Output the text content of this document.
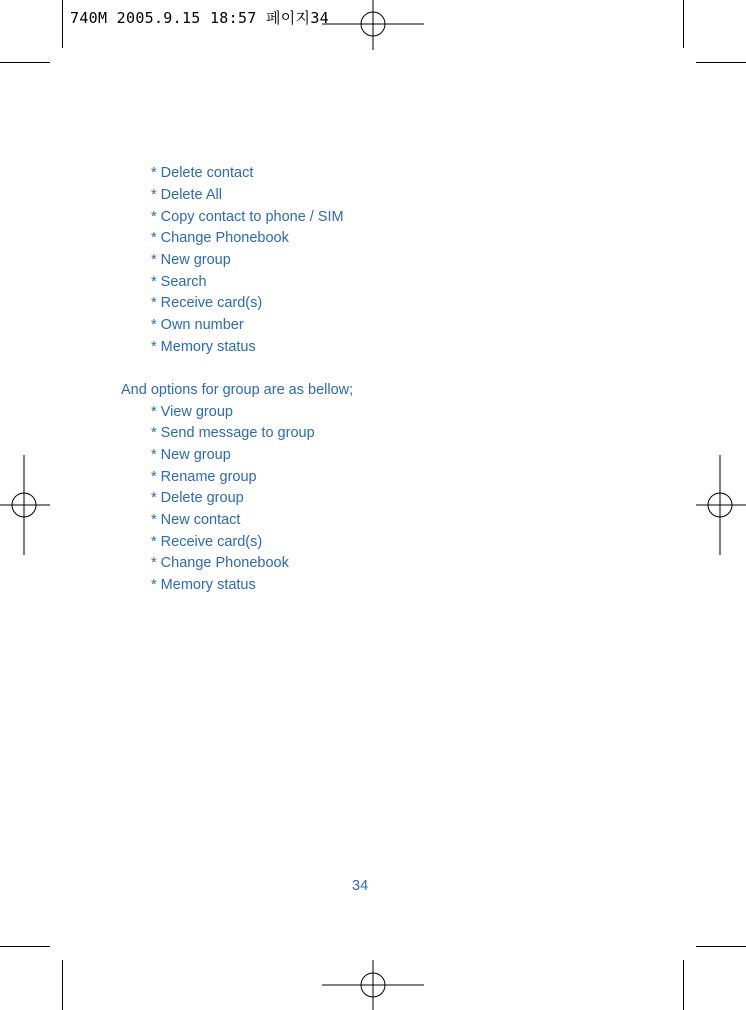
740M 2005.9.15 18:57 페이지34
* Delete contact
* Delete All
* Copy contact to phone / SIM
* Change Phonebook
* New group
* Search
* Receive card(s)
* Own number
* Memory status
And options for group are as bellow;
* View group
* Send message to group
* New group
* Rename group
* Delete group
* New contact
* Receive card(s)
* Change Phonebook
* Memory status
34
